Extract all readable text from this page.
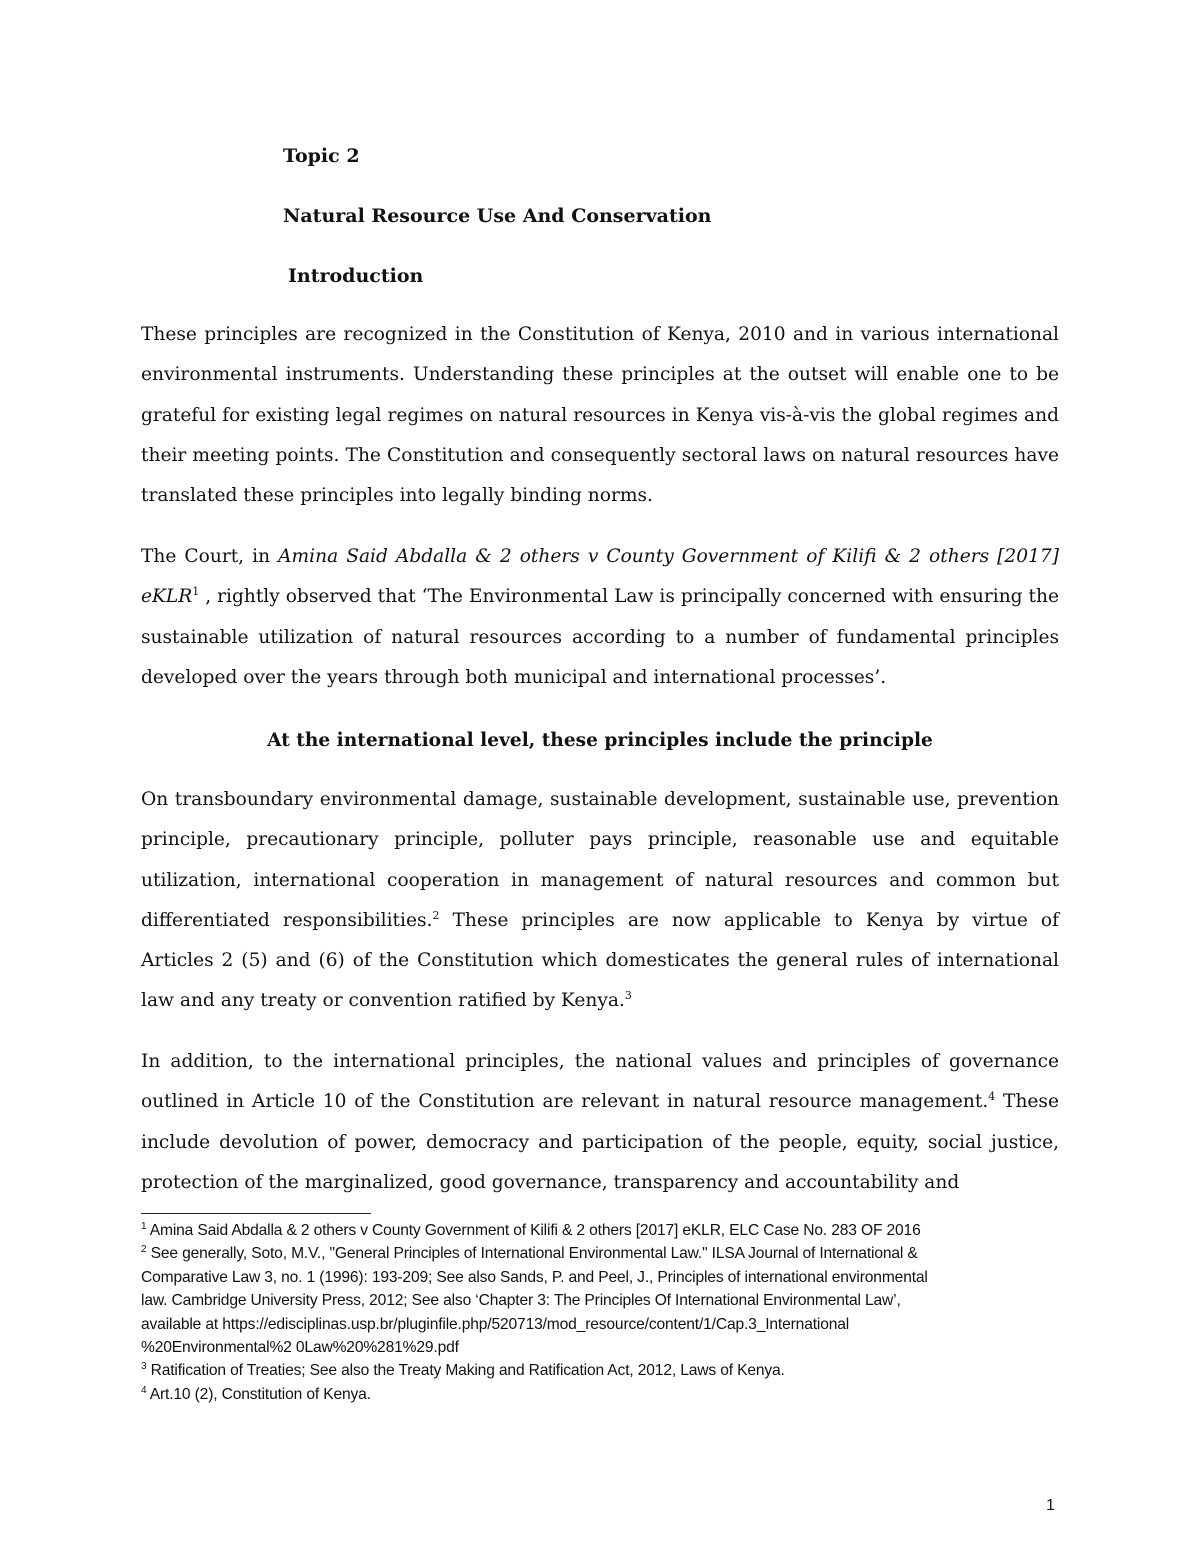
Topic 2
Natural Resource Use And Conservation
Introduction

These principles are recognized in the Constitution of Kenya, 2010 and in various international environmental instruments. Understanding these principles at the outset will enable one to be grateful for existing legal regimes on natural resources in Kenya vis-à-vis the global regimes and their meeting points. The Constitution and consequently sectoral laws on natural resources have translated these principles into legally binding norms.

The Court, in Amina Said Abdalla & 2 others v County Government of Kilifi & 2 others [2017] eKLR$^1$ , rightly observed that ‘The Environmental Law is principally concerned with ensuring the sustainable utilization of natural resources according to a number of fundamental principles developed over the years through both municipal and international processes’.

At the international level, these principles include the principle

On transboundary environmental damage, sustainable development, sustainable use, prevention principle, precautionary principle, polluter pays principle, reasonable use and equitable utilization, international cooperation in management of natural resources and common but differentiated responsibilities.$^2$ These principles are now applicable to Kenya by virtue of Articles 2 (5) and (6) of the Constitution which domesticates the general rules of international law and any treaty or convention ratified by Kenya.$^3$

In addition, to the international principles, the national values and principles of governance outlined in Article 10 of the Constitution are relevant in natural resource management.$^4$ These include devolution of power, democracy and participation of the people, equity, social justice, protection of the marginalized, good governance, transparency and accountability and

$^1$ Amina Said Abdalla & 2 others v County Government of Kilifi & 2 others [2017] eKLR, ELC Case No. 283 OF 2016

$^2$ See generally, Soto, M.V., "General Principles of International Environmental Law." ILSA Journal of International &
Comparative Law 3, no. 1 (1996): 193-209; See also Sands, P. and Peel, J., Principles of international environmental
law. Cambridge University Press, 2012; See also ‘Chapter 3: The Principles Of International Environmental Law’,
available at https://edisciplinas.usp.br/pluginfile.php/520713/mod_resource/content/1/Cap.3_International
%20Environmental%2 0Law%20%281%29.pdf

$^3$ Ratification of Treaties; See also the Treaty Making and Ratification Act, 2012, Laws of Kenya.

$^4$ Art.10 (2), Constitution of Kenya.

1
